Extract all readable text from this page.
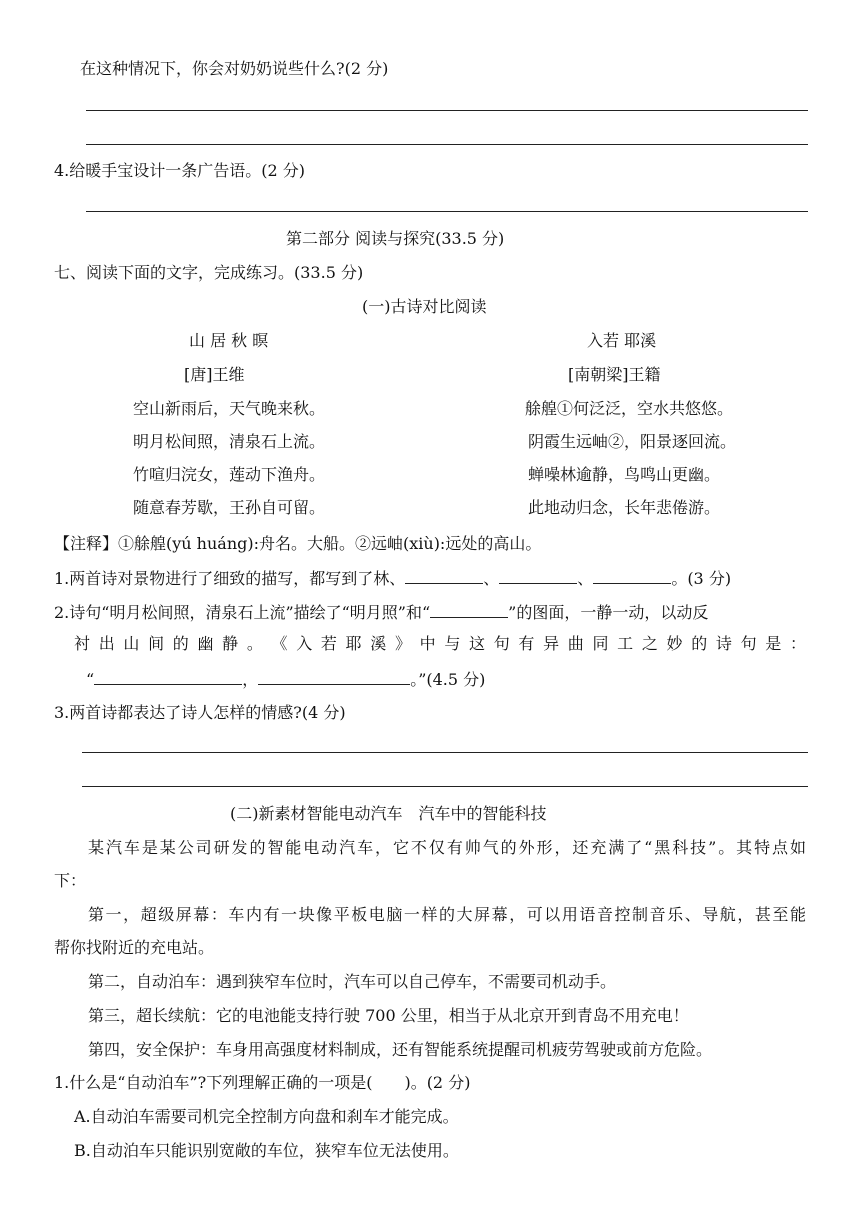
在这种情况下，你会对奶奶说些什么?(2 分)
4.给暖手宝设计一条广告语。(2 分)
第二部分 阅读与探究(33.5 分)
七、阅读下面的文字，完成练习。(33.5 分)
(一)古诗对比阅读
山 居 秋 暝
[唐]王维
空山新雨后，天气晚来秋。
明月松间照，清泉石上流。
竹喧归浣女，莲动下渔舟。
随意春芳歇，王孙自可留。
入若 耶溪
[南朝梁]王籍
艅艎①何泛泛，空水共悠悠。
阴霞生远岫②，阳景逐回流。
蝉噪林逾静，鸟鸣山更幽。
此地动归念，长年悲倦游。
【注释】①艅艎(yú huáng):舟名。大船。②远岫(xiù):远处的高山。
1.两首诗对景物进行了细致的描写，都写到了林、	、	、	。(3 分)
2.诗句“明月松间照，清泉石上流”描绘了“明月照”和“	”的图面，一静一动，以动反
衬 出 山 间 的 幽 静 。 《 入 若 耶 溪 》 中 与 这 句 有 异 曲 同 工 之 妙 的 诗 句 是 ：
“	，	。”(4.5 分)
3.两首诗都表达了诗人怎样的情感?(4 分)
(二)新素材智能电动汽车　汽车中的智能科技
某汽车是某公司研发的智能电动汽车，它不仅有帅气的外形，还充满了“黑科技”。其特点如
下：
第一，超级屏幕：车内有一块像平板电脑一样的大屏幕，可以用语音控制音乐、导航，甚至能
帮你找附近的充电站。
第二，自动泊车：遇到狭窄车位时，汽车可以自己停车，不需要司机动手。
第三，超长续航：它的电池能支持行驶 700 公里，相当于从北京开到青岛不用充电！
第四，安全保护：车身用高强度材料制成，还有智能系统提醒司机疲劳驾驶或前方危险。
1.什么是“自动泊车”?下列理解正确的一项是(　　)。(2 分)
A.自动泊车需要司机完全控制方向盘和刹车才能完成。
B.自动泊车只能识别宽敞的车位，狭窄车位无法使用。
